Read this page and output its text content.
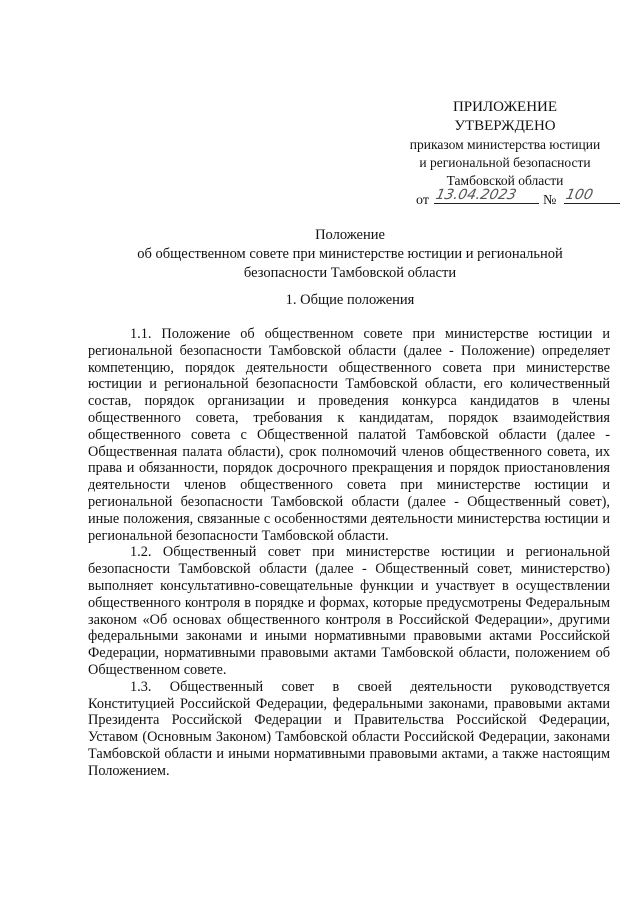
ПРИЛОЖЕНИЕ
УТВЕРЖДЕНО
приказом министерства юстиции
и региональной безопасности
Тамбовской области
от 13.04.2023 № 100
Положение
об общественном совете при министерстве юстиции и региональной
безопасности Тамбовской области
1. Общие положения

1.1. Положение об общественном совете при министерстве юстиции и региональной безопасности Тамбовской области (далее - Положение) определяет компетенцию, порядок деятельности общественного совета при министерстве юстиции и региональной безопасности Тамбовской области, его количественный состав, порядок организации и проведения конкурса кандидатов в члены общественного совета, требования к кандидатам, порядок взаимодействия общественного совета с Общественной палатой Тамбовской области (далее - Общественная палата области), срок полномочий членов общественного совета, их права и обязанности, порядок досрочного прекращения и порядок приостановления деятельности членов общественного совета при министерстве юстиции и региональной безопасности Тамбовской области (далее - Общественный совет), иные положения, связанные с особенностями деятельности министерства юстиции и региональной безопасности Тамбовской области.

1.2. Общественный совет при министерстве юстиции и региональной безопасности Тамбовской области (далее - Общественный совет, министерство) выполняет консультативно-совещательные функции и участвует в осуществлении общественного контроля в порядке и формах, которые предусмотрены Федеральным законом «Об основах общественного контроля в Российской Федерации», другими федеральными законами и иными нормативными правовыми актами Российской Федерации, нормативными правовыми актами Тамбовской области, положением об Общественном совете.

1.3. Общественный совет в своей деятельности руководствуется Конституцией Российской Федерации, федеральными законами, правовыми актами Президента Российской Федерации и Правительства Российской Федерации, Уставом (Основным Законом) Тамбовской области Российской Федерации, законами Тамбовской области и иными нормативными правовыми актами, а также настоящим Положением.
